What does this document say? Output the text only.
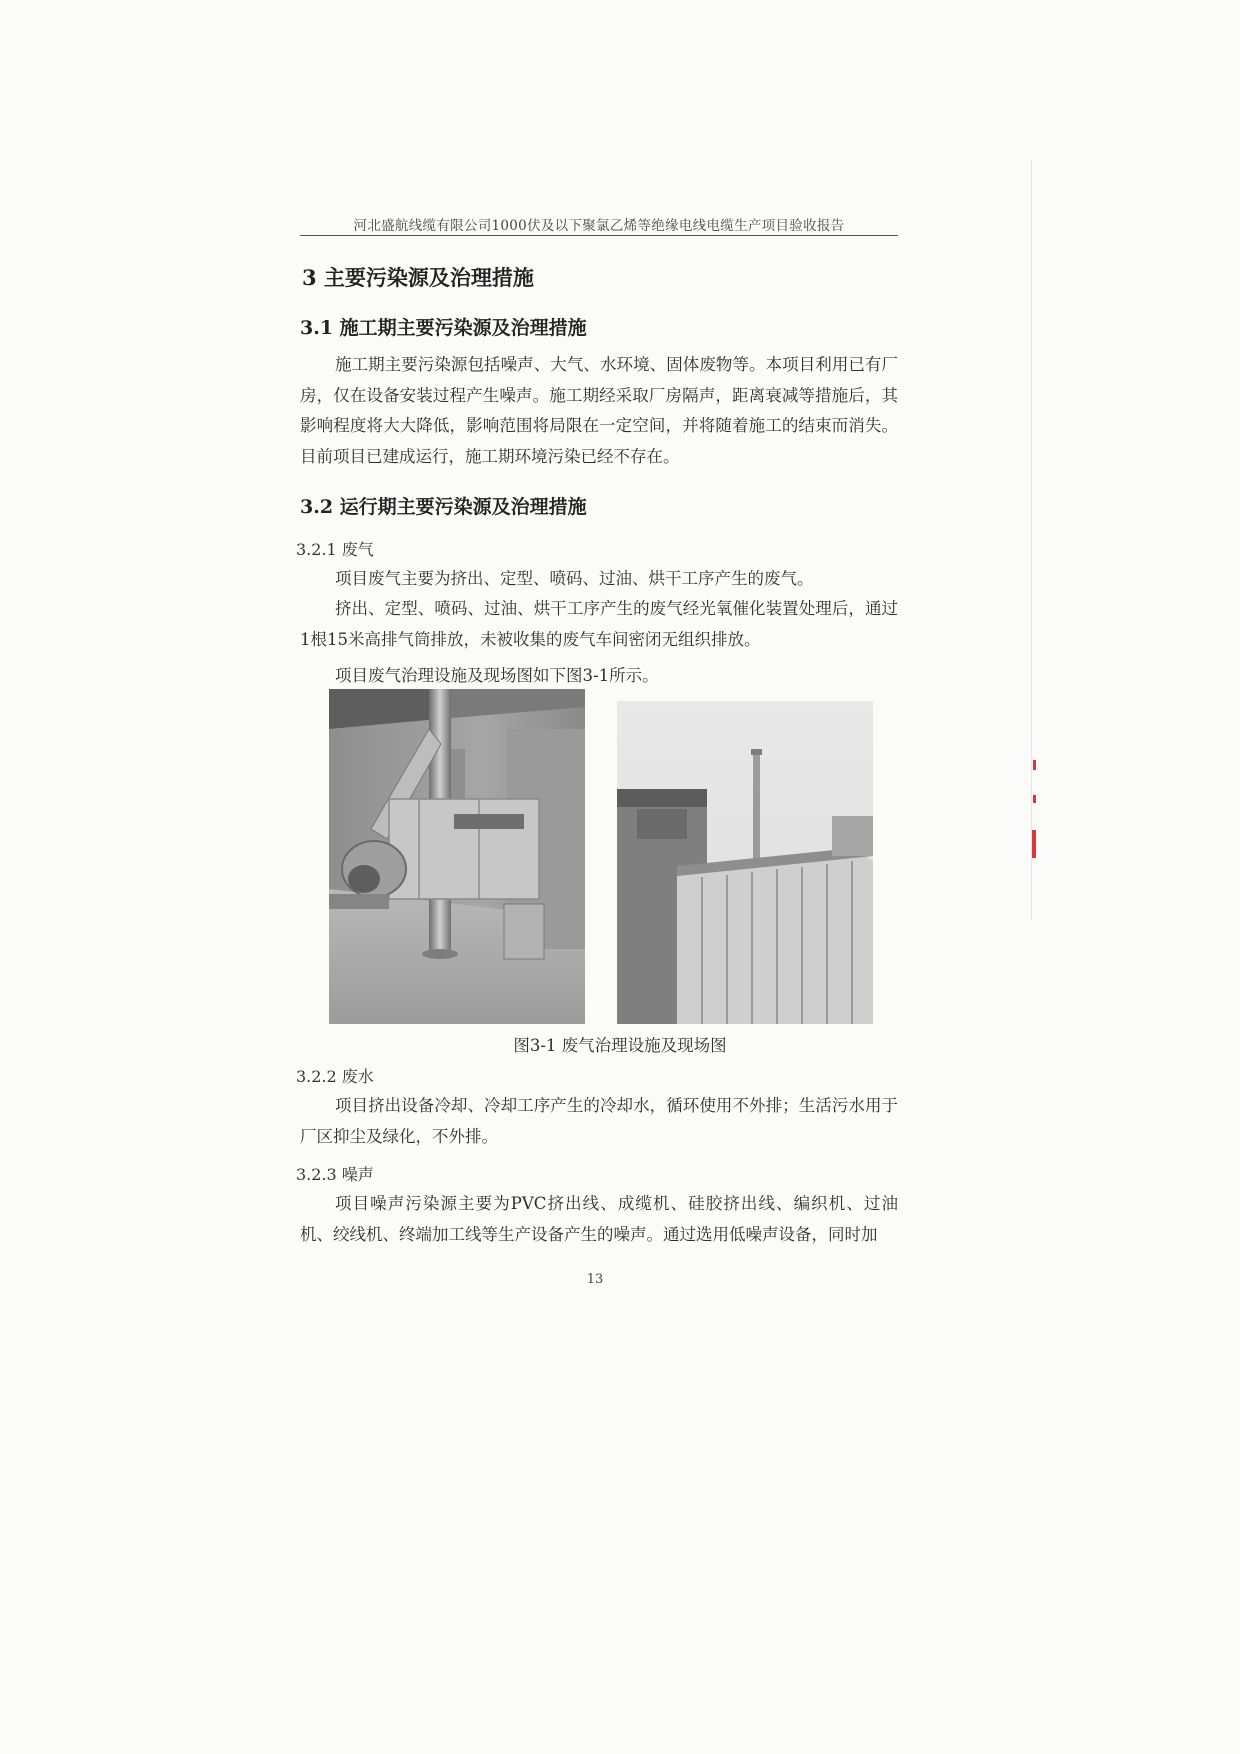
河北盛航线缆有限公司1000伏及以下聚氯乙烯等绝缘电线电缆生产项目验收报告
3 主要污染源及治理措施
3.1 施工期主要污染源及治理措施
施工期主要污染源包括噪声、大气、水环境、固体废物等。本项目利用已有厂房，仅在设备安装过程产生噪声。施工期经采取厂房隔声，距离衰减等措施后，其影响程度将大大降低，影响范围将局限在一定空间，并将随着施工的结束而消失。目前项目已建成运行，施工期环境污染已经不存在。
3.2 运行期主要污染源及治理措施
3.2.1 废气
项目废气主要为挤出、定型、喷码、过油、烘干工序产生的废气。
挤出、定型、喷码、过油、烘干工序产生的废气经光氧催化装置处理后，通过1根15米高排气筒排放，未被收集的废气车间密闭无组织排放。
项目废气治理设施及现场图如下图3-1所示。
图3-1 废气治理设施及现场图
3.2.2 废水
项目挤出设备冷却、冷却工序产生的冷却水，循环使用不外排；生活污水用于厂区抑尘及绿化，不外排。
3.2.3 噪声
项目噪声污染源主要为PVC挤出线、成缆机、硅胶挤出线、编织机、过油机、绞线机、终端加工线等生产设备产生的噪声。通过选用低噪声设备，同时加
13
